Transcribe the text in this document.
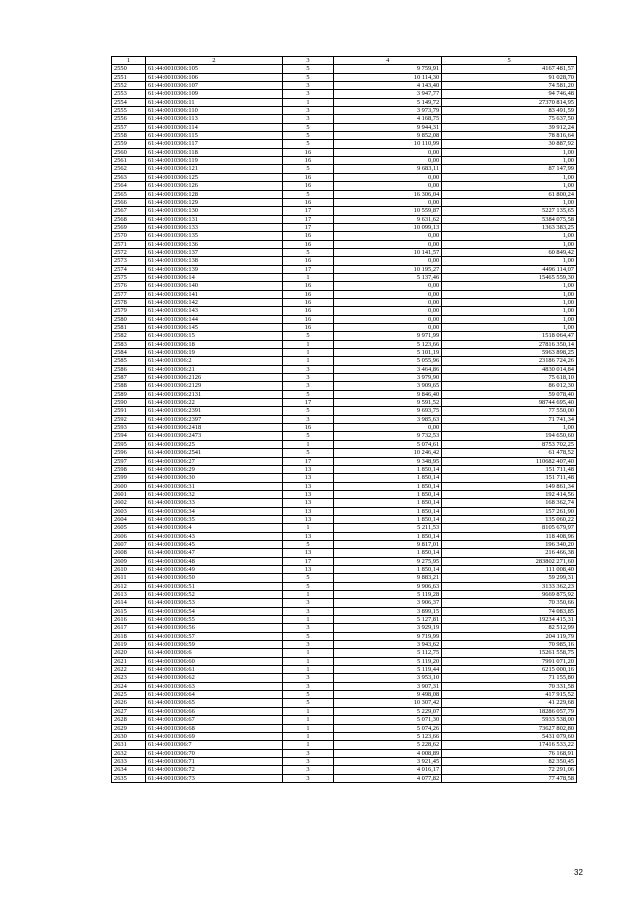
1	2	3	4	5
2550	61:44:0010306:105	5	9 759,91	4167 481,57
2551	61:44:0010306:106	5	10 114,30	91 028,70
2552	61:44:0010306:107	3	4 143,40	74 581,20
2553	61:44:0010306:109	3	3 947,77	94 746,48
2554	61:44:0010306:11	1	5 149,72	27370 814,95
2555	61:44:0010306:110	3	3 973,79	83 491,59
2556	61:44:0010306:113	3	4 168,75	75 637,50
2557	61:44:0010306:114	5	9 944,31	39 912,24
2558	61:44:0010306:115	5	9 852,08	78 816,64
2559	61:44:0010306:117	5	10 110,99	30 887,92
2560	61:44:0010306:118	16	0,00	1,00
2561	61:44:0010306:119	16	0,00	1,00
2562	61:44:0010306:121	5	9 683,11	87 147,99
2563	61:44:0010306:125	16	0,00	1,00
2564	61:44:0010306:126	16	0,00	1,00
2565	61:44:0010306:128	5	16 306,04	61 800,24
2566	61:44:0010306:129	16	0,00	1,00
2567	61:44:0010306:130	17	10 559,87	5227 135,65
2568	61:44:0010306:131	17	9 631,62	5384 075,58
2569	61:44:0010306:133	17	10 099,13	1363 383,25
2570	61:44:0010306:135	16	0,00	1,00
2571	61:44:0010306:136	16	0,00	1,00
2572	61:44:0010306:137	5	10 141,57	60 849,42
2573	61:44:0010306:138	16	0,00	1,00
2574	61:44:0010306:139	17	10 195,27	4496 114,07
2575	61:44:0010306:14	1	5 137,46	15465 559,30
2576	61:44:0010306:140	16	0,00	1,00
2577	61:44:0010306:141	16	0,00	1,00
2578	61:44:0010306:142	16	0,00	1,00
2579	61:44:0010306:143	16	0,00	1,00
2580	61:44:0010306:144	16	0,00	1,00
2581	61:44:0010306:145	16	0,00	1,00
2582	61:44:0010306:15	5	9 971,99	1518 064,47
2583	61:44:0010306:18	1	5 123,66	27816 350,14
2584	61:44:0010306:19	1	5 101,19	5963 898,25
2585	61:44:0010306:2	1	5 055,96	23186 724,26
2586	61:44:0010306:21	3	3 464,86	4830 014,84
2587	61:44:0010306:2126	3	3 979,90	75 618,10
2588	61:44:0010306:2129	3	3 909,65	86 012,30
2589	61:44:0010306:2131	5	9 846,40	59 078,40
2590	61:44:0010306:22	17	9 591,52	98744 695,40
2591	61:44:0010306:2391	5	9 693,75	77 550,00
2592	61:44:0010306:2397	3	3 985,63	71 741,34
2593	61:44:0010306:2418	16	0,00	1,00
2594	61:44:0010306:2473	5	9 732,53	194 650,60
2595	61:44:0010306:25	1	5 074,61	8753 702,25
2596	61:44:0010306:2541	5	10 246,42	61 478,52
2597	61:44:0010306:27	17	9 348,95	110682 407,40
2598	61:44:0010306:29	13	1 850,14	151 711,48
2599	61:44:0010306:30	13	1 850,14	151 711,48
2600	61:44:0010306:31	13	1 850,14	149 861,34
2601	61:44:0010306:32	13	1 850,14	192 414,56
2602	61:44:0010306:33	13	1 850,14	168 362,74
2603	61:44:0010306:34	13	1 850,14	157 261,90
2604	61:44:0010306:35	13	1 850,14	135 060,22
2605	61:44:0010306:4	1	5 211,53	8105 679,97
2606	61:44:0010306:43	13	1 850,14	118 408,96
2607	61:44:0010306:45	5	9 817,01	196 340,20
2608	61:44:0010306:47	13	1 850,14	216 466,38
2609	61:44:0010306:48	17	9 275,95	283802 271,60
2610	61:44:0010306:49	13	1 850,14	111 008,40
2611	61:44:0010306:50	5	9 883,21	59 299,31
2612	61:44:0010306:51	5	9 906,63	3133 362,23
2613	61:44:0010306:52	1	5 119,28	9669 875,92
2614	61:44:0010306:53	3	3 906,37	70 350,66
2615	61:44:0010306:54	3	3 899,15	74 083,85
2616	61:44:0010306:55	1	5 127,81	19234 415,31
2617	61:44:0010306:56	3	3 929,19	82 512,99
2618	61:44:0010306:57	5	9 719,99	204 119,79
2619	61:44:0010306:59	3	3 943,62	70 985,16
2620	61:44:0010306:6	1	5 112,75	15261 558,75
2621	61:44:0010306:60	1	5 119,20	7991 071,20
2622	61:44:0010306:61	1	5 119,44	6215 000,16
2623	61:44:0010306:62	3	3 953,10	71 155,80
2624	61:44:0010306:63	3	3 907,31	70 331,58
2625	61:44:0010306:64	5	9 498,08	417 915,52
2626	61:44:0010306:65	5	10 307,42	41 229,68
2627	61:44:0010306:66	1	5 229,07	18286 057,79
2628	61:44:0010306:67	1	5 071,30	5933 538,00
2629	61:44:0010306:68	1	5 074,26	73627 802,80
2630	61:44:0010306:69	1	5 123,66	5431 079,60
2631	61:44:0010306:7	1	5 228,62	17416 533,22
2632	61:44:0010306:70	3	4 008,89	76 168,91
2633	61:44:0010306:71	3	3 921,45	82 350,45
2634	61:44:0010306:72	3	4 016,17	72 291,06
2635	61:44:0010306:73	3	4 077,82	77 478,58
32
